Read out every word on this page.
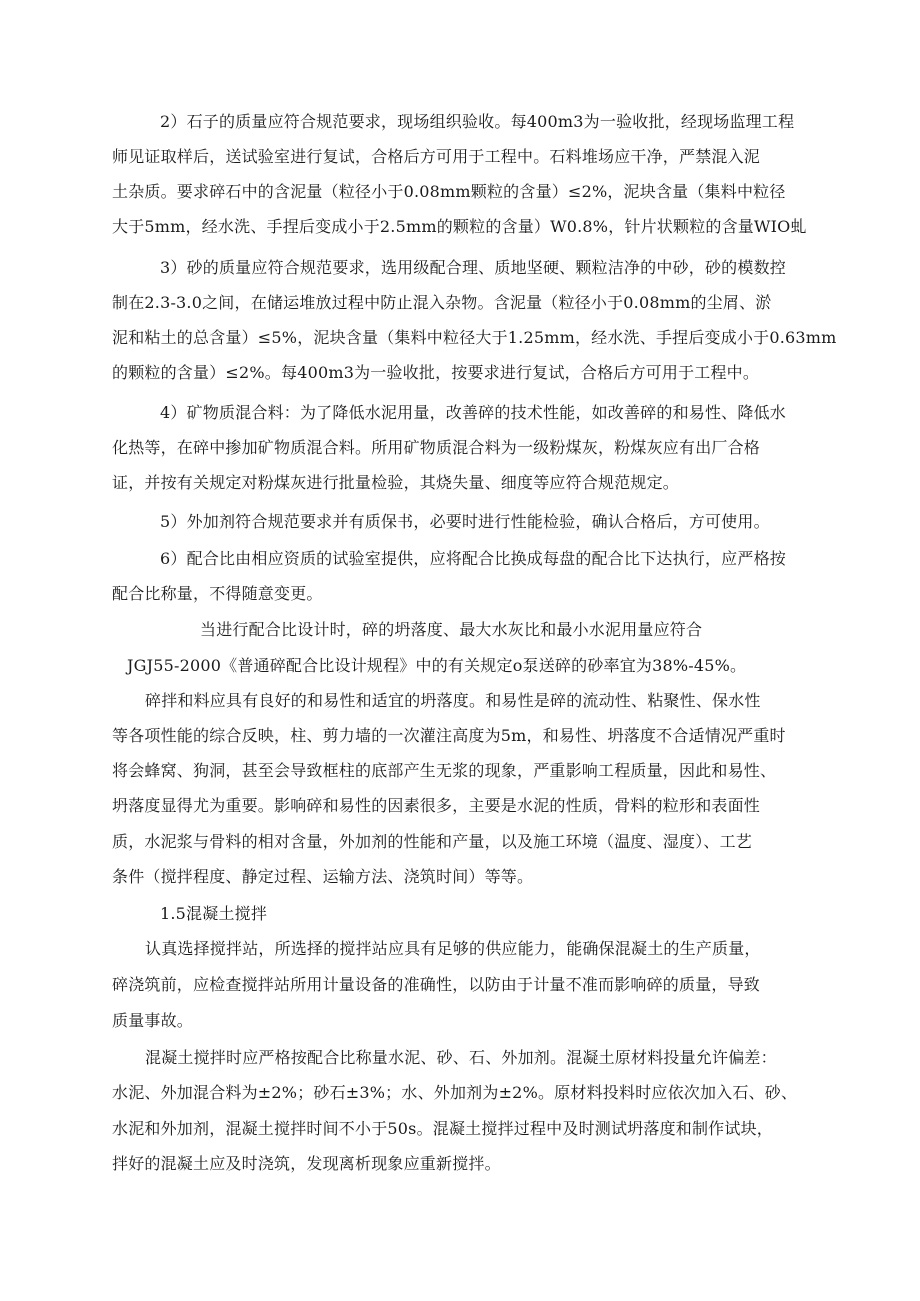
2）石子的质量应符合规范要求，现场组织验收。每400m3为一验收批，经现场监理工程
师见证取样后，送试验室进行复试，合格后方可用于工程中。石料堆场应干净，严禁混入泥
土杂质。要求碎石中的含泥量（粒径小于0.08mm颗粒的含量）≤2%，泥块含量（集料中粒径
大于5mm，经水洗、手捏后变成小于2.5mm的颗粒的含量）W0.8%，针片状颗粒的含量WIO虬
3）砂的质量应符合规范要求，选用级配合理、质地坚硬、颗粒洁净的中砂，砂的模数控
制在2.3-3.0之间，在储运堆放过程中防止混入杂物。含泥量（粒径小于0.08mm的尘屑、淤
泥和粘土的总含量）≤5%，泥块含量（集料中粒径大于1.25mm，经水洗、手捏后变成小于0.63mm
的颗粒的含量）≤2%。每400m3为一验收批，按要求进行复试，合格后方可用于工程中。
4）矿物质混合料：为了降低水泥用量，改善碎的技术性能，如改善碎的和易性、降低水
化热等，在碎中掺加矿物质混合料。所用矿物质混合料为一级粉煤灰，粉煤灰应有出厂合格
证，并按有关规定对粉煤灰进行批量检验，其烧失量、细度等应符合规范规定。
5）外加剂符合规范要求并有质保书，必要时进行性能检验，确认合格后，方可使用。
6）配合比由相应资质的试验室提供，应将配合比换成每盘的配合比下达执行，应严格按
配合比称量，不得随意变更。
当进行配合比设计时，碎的坍落度、最大水灰比和最小水泥用量应符合
JGJ55-2000《普通碎配合比设计规程》中的有关规定o泵送碎的砂率宜为38%-45%。
碎拌和料应具有良好的和易性和适宜的坍落度。和易性是碎的流动性、粘聚性、保水性
等各项性能的综合反映，柱、剪力墙的一次灌注高度为5m，和易性、坍落度不合适情况严重时
将会蜂窝、狗洞，甚至会导致框柱的底部产生无浆的现象，严重影响工程质量，因此和易性、
坍落度显得尤为重要。影响碎和易性的因素很多，主要是水泥的性质，骨料的粒形和表面性
质，水泥浆与骨料的相对含量，外加剂的性能和产量，以及施工环境（温度、湿度）、工艺
条件（搅拌程度、静定过程、运输方法、浇筑时间）等等。
1.5混凝土搅拌
认真选择搅拌站，所选择的搅拌站应具有足够的供应能力，能确保混凝土的生产质量，
碎浇筑前，应检查搅拌站所用计量设备的准确性，以防由于计量不准而影响碎的质量，导致
质量事故。
混凝土搅拌时应严格按配合比称量水泥、砂、石、外加剂。混凝土原材料投量允许偏差：
水泥、外加混合料为±2%；砂石±3%；水、外加剂为±2%。原材料投料时应依次加入石、砂、
水泥和外加剂，混凝土搅拌时间不小于50s。混凝土搅拌过程中及时测试坍落度和制作试块，
拌好的混凝土应及时浇筑，发现离析现象应重新搅拌。
